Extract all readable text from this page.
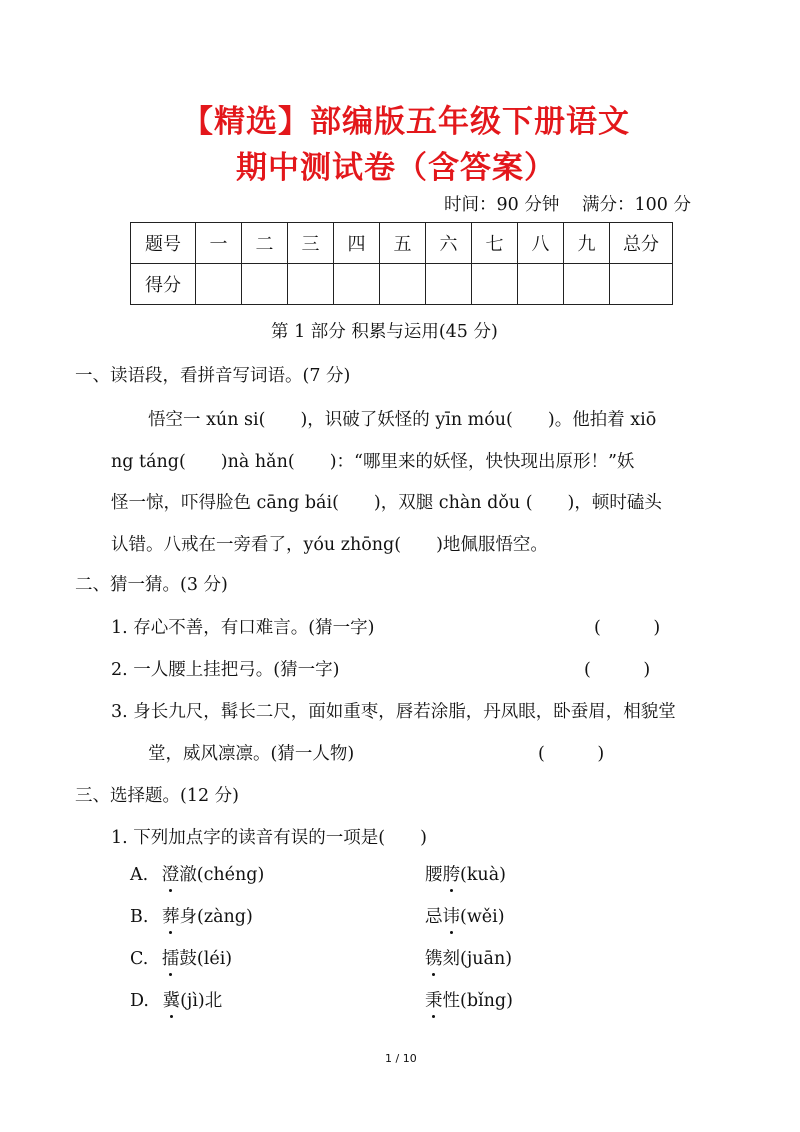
【精选】部编版五年级下册语文
期中测试卷（含答案）
时间：90 分钟 满分：100 分
题号	一	二	三	四	五	六	七	八	九	总分
得分										
第 1 部分 积累与运用(45 分)
一、读语段，看拼音写词语。(7 分)
悟空一 xún si(　　)，识破了妖怪的 yīn móu(　　)。他拍着 xiō
ng táng(　　)nà hǎn(　　)：“哪里来的妖怪，快快现出原形！”妖
怪一惊，吓得脸色 cāng bái(　　)，双腿 chàn dǒu (　　)，顿时磕头
认错。八戒在一旁看了，yóu zhōng(　　)地佩服悟空。
二、猜一猜。(3 分)
1. 存心不善，有口难言。(猜一字)	(　　　)
2. 一人腰上挂把弓。(猜一字)	(　　　)
3. 身长九尺，髯长二尺，面如重枣，唇若涂脂，丹凤眼，卧蚕眉，相貌堂
堂，威风凛凛。(猜一人物)	(　　　)
三、选择题。(12 分)
1. 下列加点字的读音有误的一项是(　　)
A. 澄澈(chéng)	腰胯(kuà)
B. 葬身(zàng)	忌讳(wěi)
C. 擂鼓(léi)	镌刻(juān)
D. 冀(jì)北	秉性(bǐng)
1 / 10
